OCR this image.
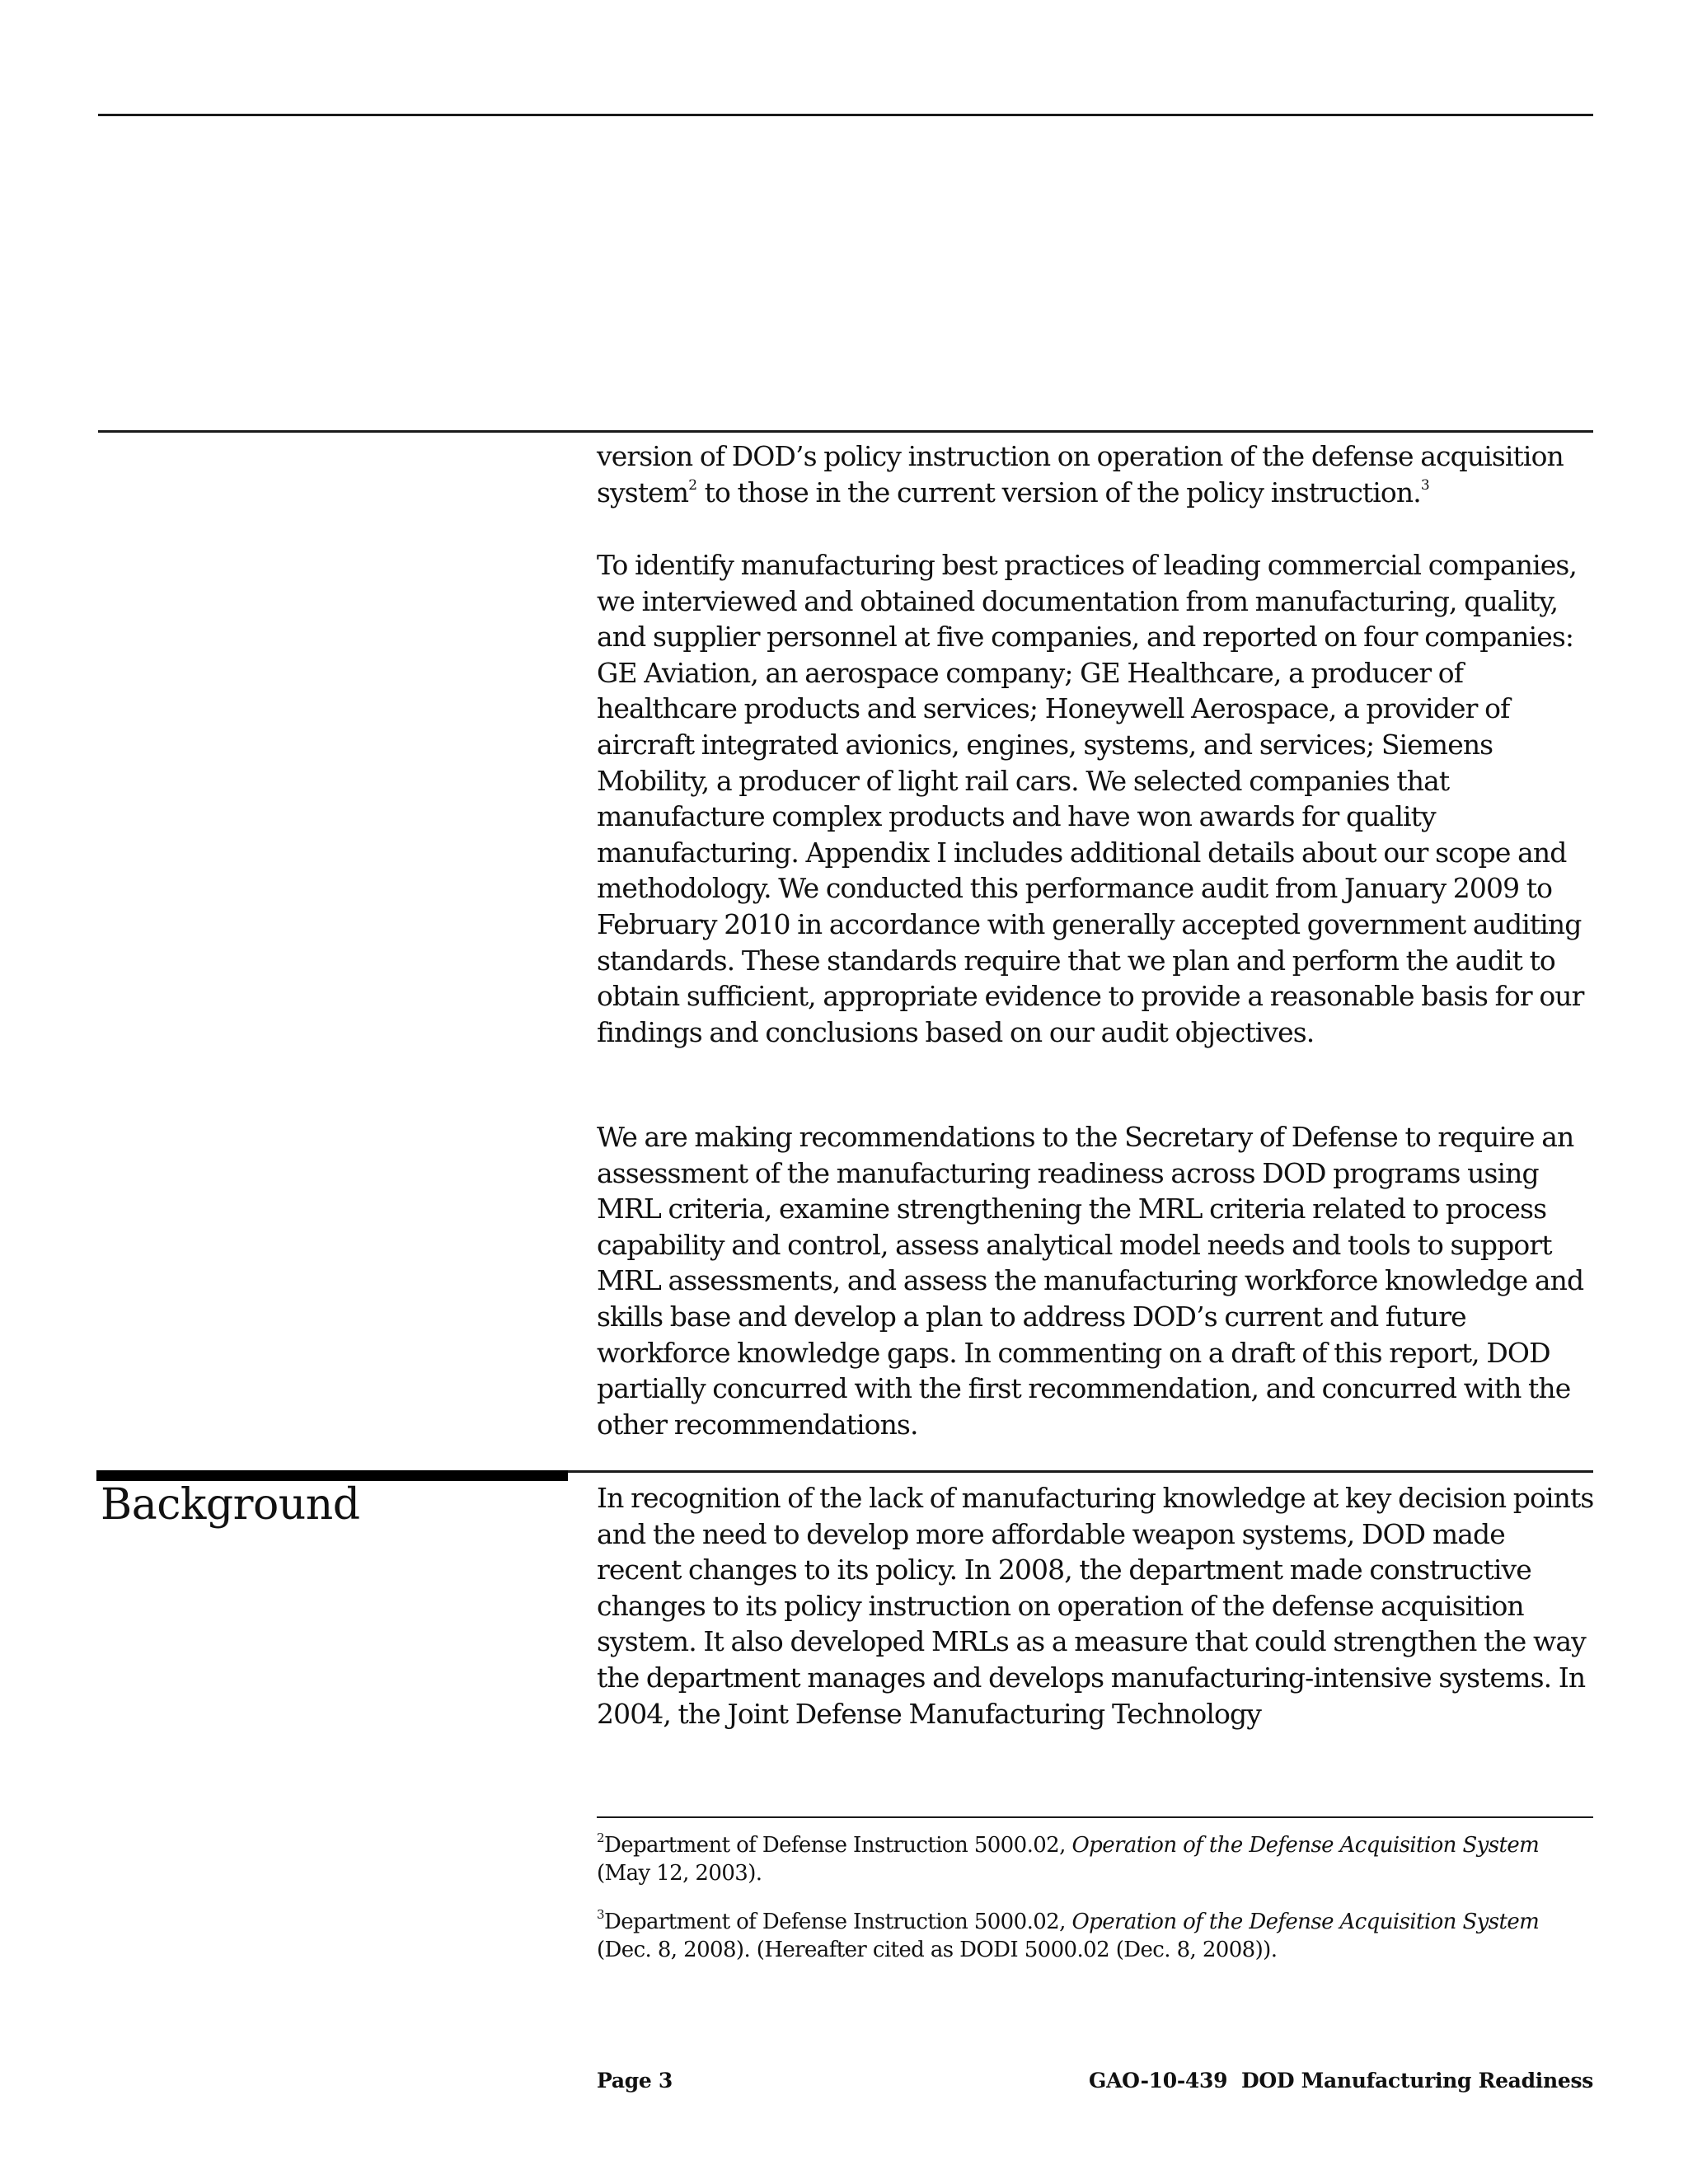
version of DOD’s policy instruction on operation of the defense acquisition system$^2$ to those in the current version of the policy instruction.$^3$

To identify manufacturing best practices of leading commercial companies, we interviewed and obtained documentation from manufacturing, quality, and supplier personnel at five companies, and reported on four companies: GE Aviation, an aerospace company; GE Healthcare, a producer of healthcare products and services; Honeywell Aerospace, a provider of aircraft integrated avionics, engines, systems, and services; Siemens Mobility, a producer of light rail cars. We selected companies that manufacture complex products and have won awards for quality manufacturing. Appendix I includes additional details about our scope and methodology. We conducted this performance audit from January 2009 to February 2010 in accordance with generally accepted government auditing standards. These standards require that we plan and perform the audit to obtain sufficient, appropriate evidence to provide a reasonable basis for our findings and conclusions based on our audit objectives.

We are making recommendations to the Secretary of Defense to require an assessment of the manufacturing readiness across DOD programs using MRL criteria, examine strengthening the MRL criteria related to process capability and control, assess analytical model needs and tools to support MRL assessments, and assess the manufacturing workforce knowledge and skills base and develop a plan to address DOD’s current and future workforce knowledge gaps. In commenting on a draft of this report, DOD partially concurred with the first recommendation, and concurred with the other recommendations.

Background	In recognition of the lack of manufacturing knowledge at key decision points and the need to develop more affordable weapon systems, DOD made recent changes to its policy. In 2008, the department made constructive changes to its policy instruction on operation of the defense acquisition system. It also developed MRLs as a measure that could strengthen the way the department manages and develops manufacturing-intensive systems. In 2004, the Joint Defense Manufacturing Technology

$^2$Department of Defense Instruction 5000.02, Operation of the Defense Acquisition System (May 12, 2003).

$^3$Department of Defense Instruction 5000.02, Operation of the Defense Acquisition System (Dec. 8, 2008). (Hereafter cited as DODI 5000.02 (Dec. 8, 2008)).

Page 3	GAO-10-439  DOD Manufacturing Readiness
